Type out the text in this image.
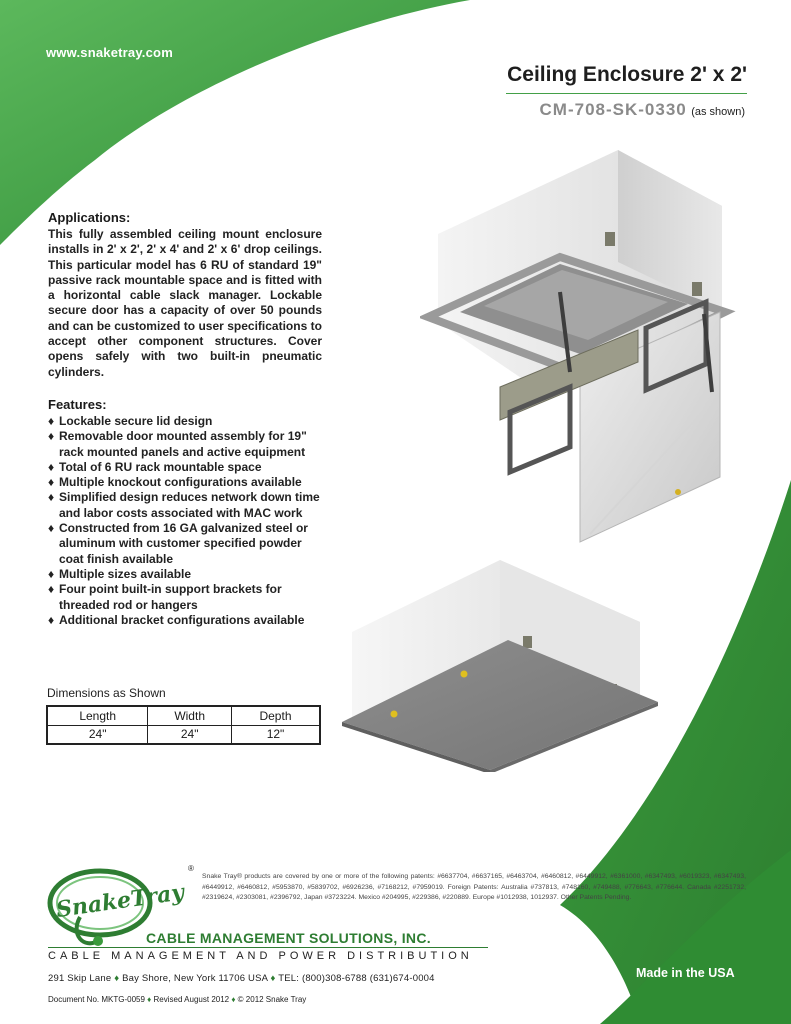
www.snaketray.com
Ceiling Enclosure 2' x 2'
CM-708-SK-0330 (as shown)
Applications:

This fully assembled ceiling mount enclosure installs in 2' x 2', 2' x 4' and 2' x 6' drop ceilings. This particular model has 6 RU of standard 19" passive rack mountable space and is fitted with a horizontal cable slack manager. Lockable secure door has a capacity of over 50 pounds and can be customized to user specifications to accept other component structures. Cover opens safely with two built-in pneumatic cylinders.

Features:
♦ Lockable secure lid design
♦ Removable door mounted assembly for 19" rack mounted panels and active equipment
♦ Total of 6 RU rack mountable space
♦ Multiple knockout configurations available
♦ Simplified design reduces network down time and labor costs associated with MAC work
♦ Constructed from 16 GA galvanized steel or aluminum with customer specified powder coat finish available
♦ Multiple sizes available
♦ Four point built-in support brackets for threaded rod or hangers
♦ Additional bracket configurations available
Dimensions as Shown
Length	Width	Depth
24"	24"	12"
SnakeTray
®
Snake Tray® products are covered by one or more of the following patents: #6637704, #6637165, #6463704, #6460812, #6449912, #6361000, #6347493, #6019323, #6347493, #6449912, #6460812, #5953870, #5839702, #6926236, #7168212, #7959019. Foreign Patents: Australia #737813, #748160, #749488, #776643, #776644. Canada #2251732, #2319624, #2303081, #2396792, Japan #3723224. Mexico #204995, #229386, #220889. Europe #1012938, 1012937. Other Patents Pending.
CABLE MANAGEMENT SOLUTIONS, INC.
CABLE MANAGEMENT AND POWER DISTRIBUTION
291 Skip Lane ♦ Bay Shore, New York 11706 USA ♦ TEL: (800)308-6788 (631)674-0004	Made in the USA
Document No. MKTG-0059 ♦ Revised August 2012 ♦ © 2012 Snake Tray
